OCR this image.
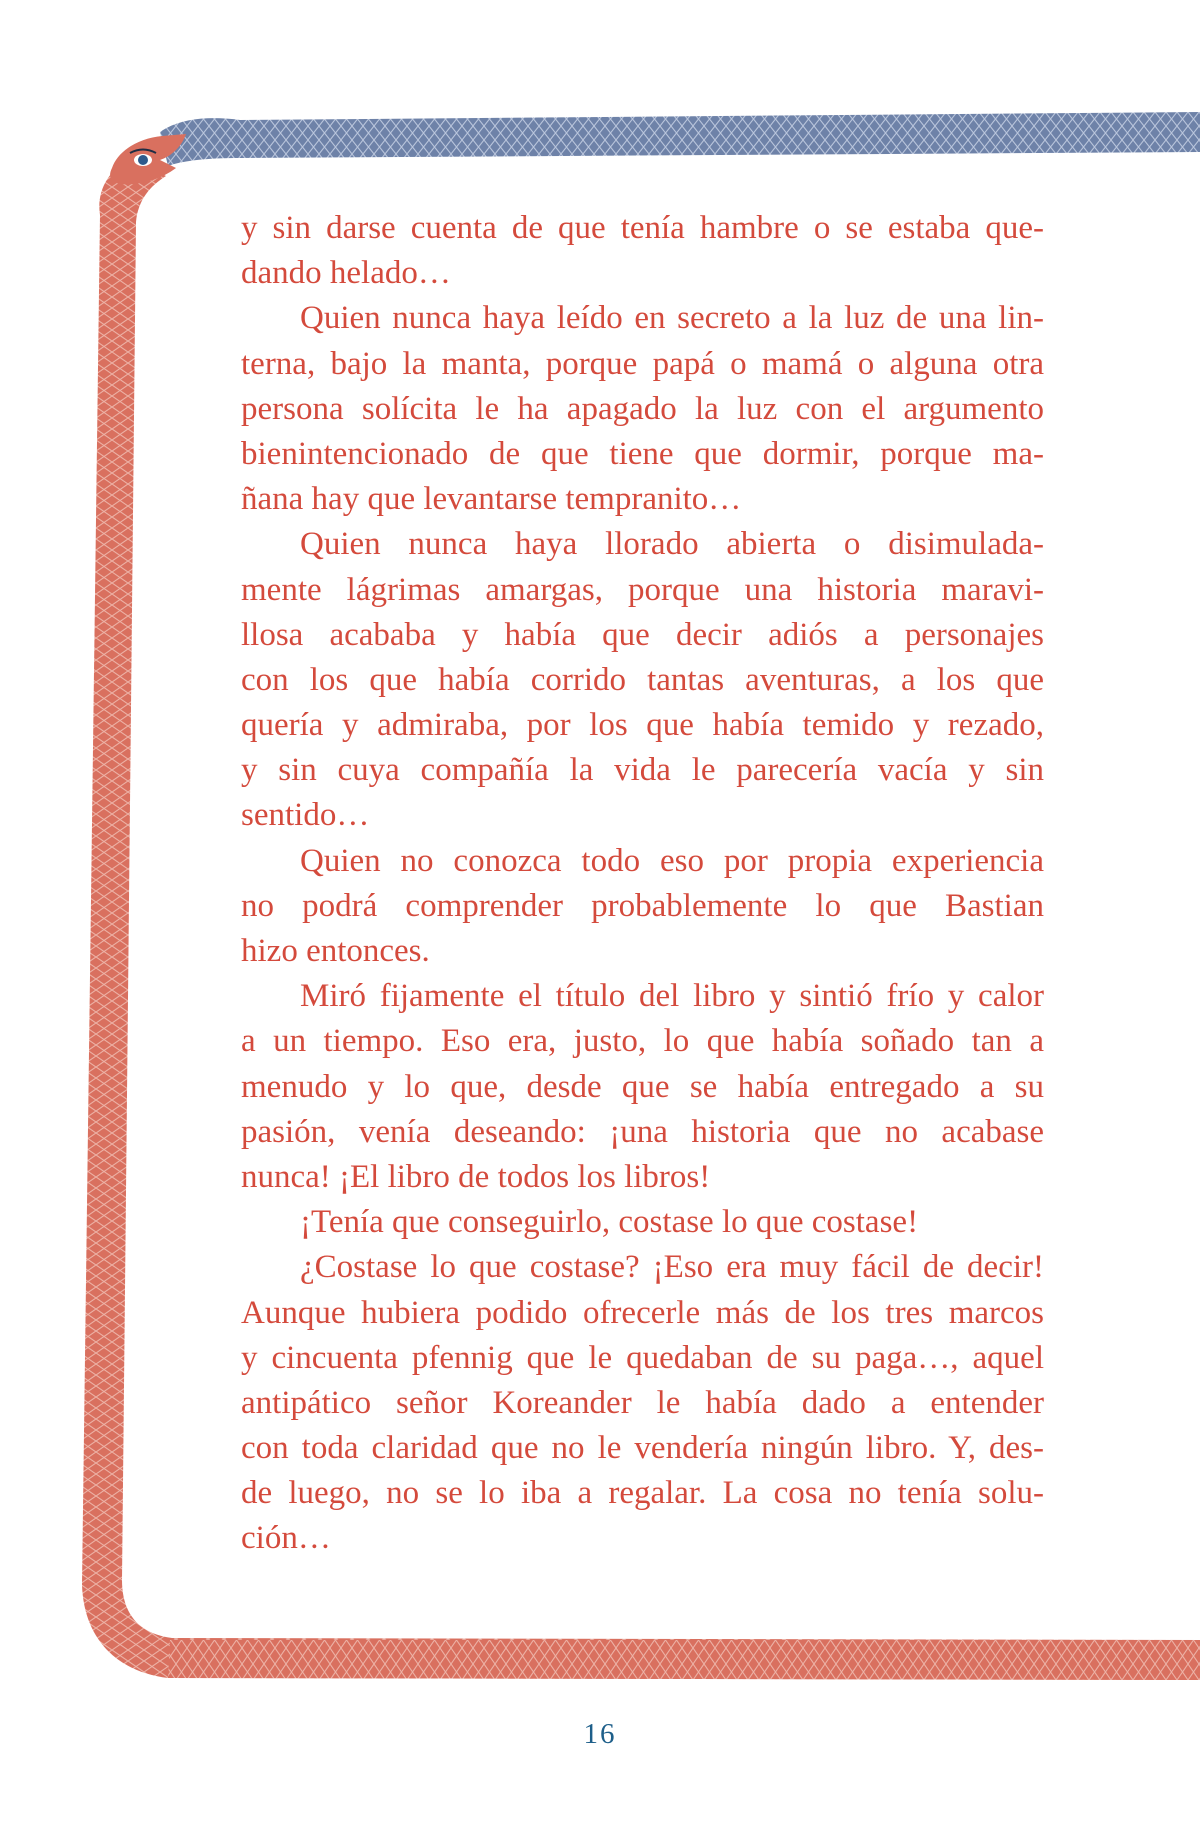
y sin darse cuenta de que tenía hambre o se estaba que-
dando helado…
Quien nunca haya leído en secreto a la luz de una lin-
terna, bajo la manta, porque papá o mamá o alguna otra
persona solícita le ha apagado la luz con el argumento
bienintencionado de que tiene que dormir, porque ma-
ñana hay que levantarse tempranito…
Quien nunca haya llorado abierta o disimulada-
mente lágrimas amargas, porque una historia maravi-
llosa acababa y había que decir adiós a personajes
con los que había corrido tantas aventuras, a los que
quería y admiraba, por los que había temido y rezado,
y sin cuya compañía la vida le parecería vacía y sin
sentido…
Quien no conozca todo eso por propia experiencia
no podrá comprender probablemente lo que Bastian
hizo entonces.
Miró fijamente el título del libro y sintió frío y calor
a un tiempo. Eso era, justo, lo que había soñado tan a
menudo y lo que, desde que se había entregado a su
pasión, venía deseando: ¡una historia que no acabase
nunca! ¡El libro de todos los libros!
¡Tenía que conseguirlo, costase lo que costase!
¿Costase lo que costase? ¡Eso era muy fácil de decir!
Aunque hubiera podido ofrecerle más de los tres marcos
y cincuenta pfennig que le quedaban de su paga…, aquel
antipático señor Koreander le había dado a entender
con toda claridad que no le vendería ningún libro. Y, des-
de luego, no se lo iba a regalar. La cosa no tenía solu-
ción…
16
